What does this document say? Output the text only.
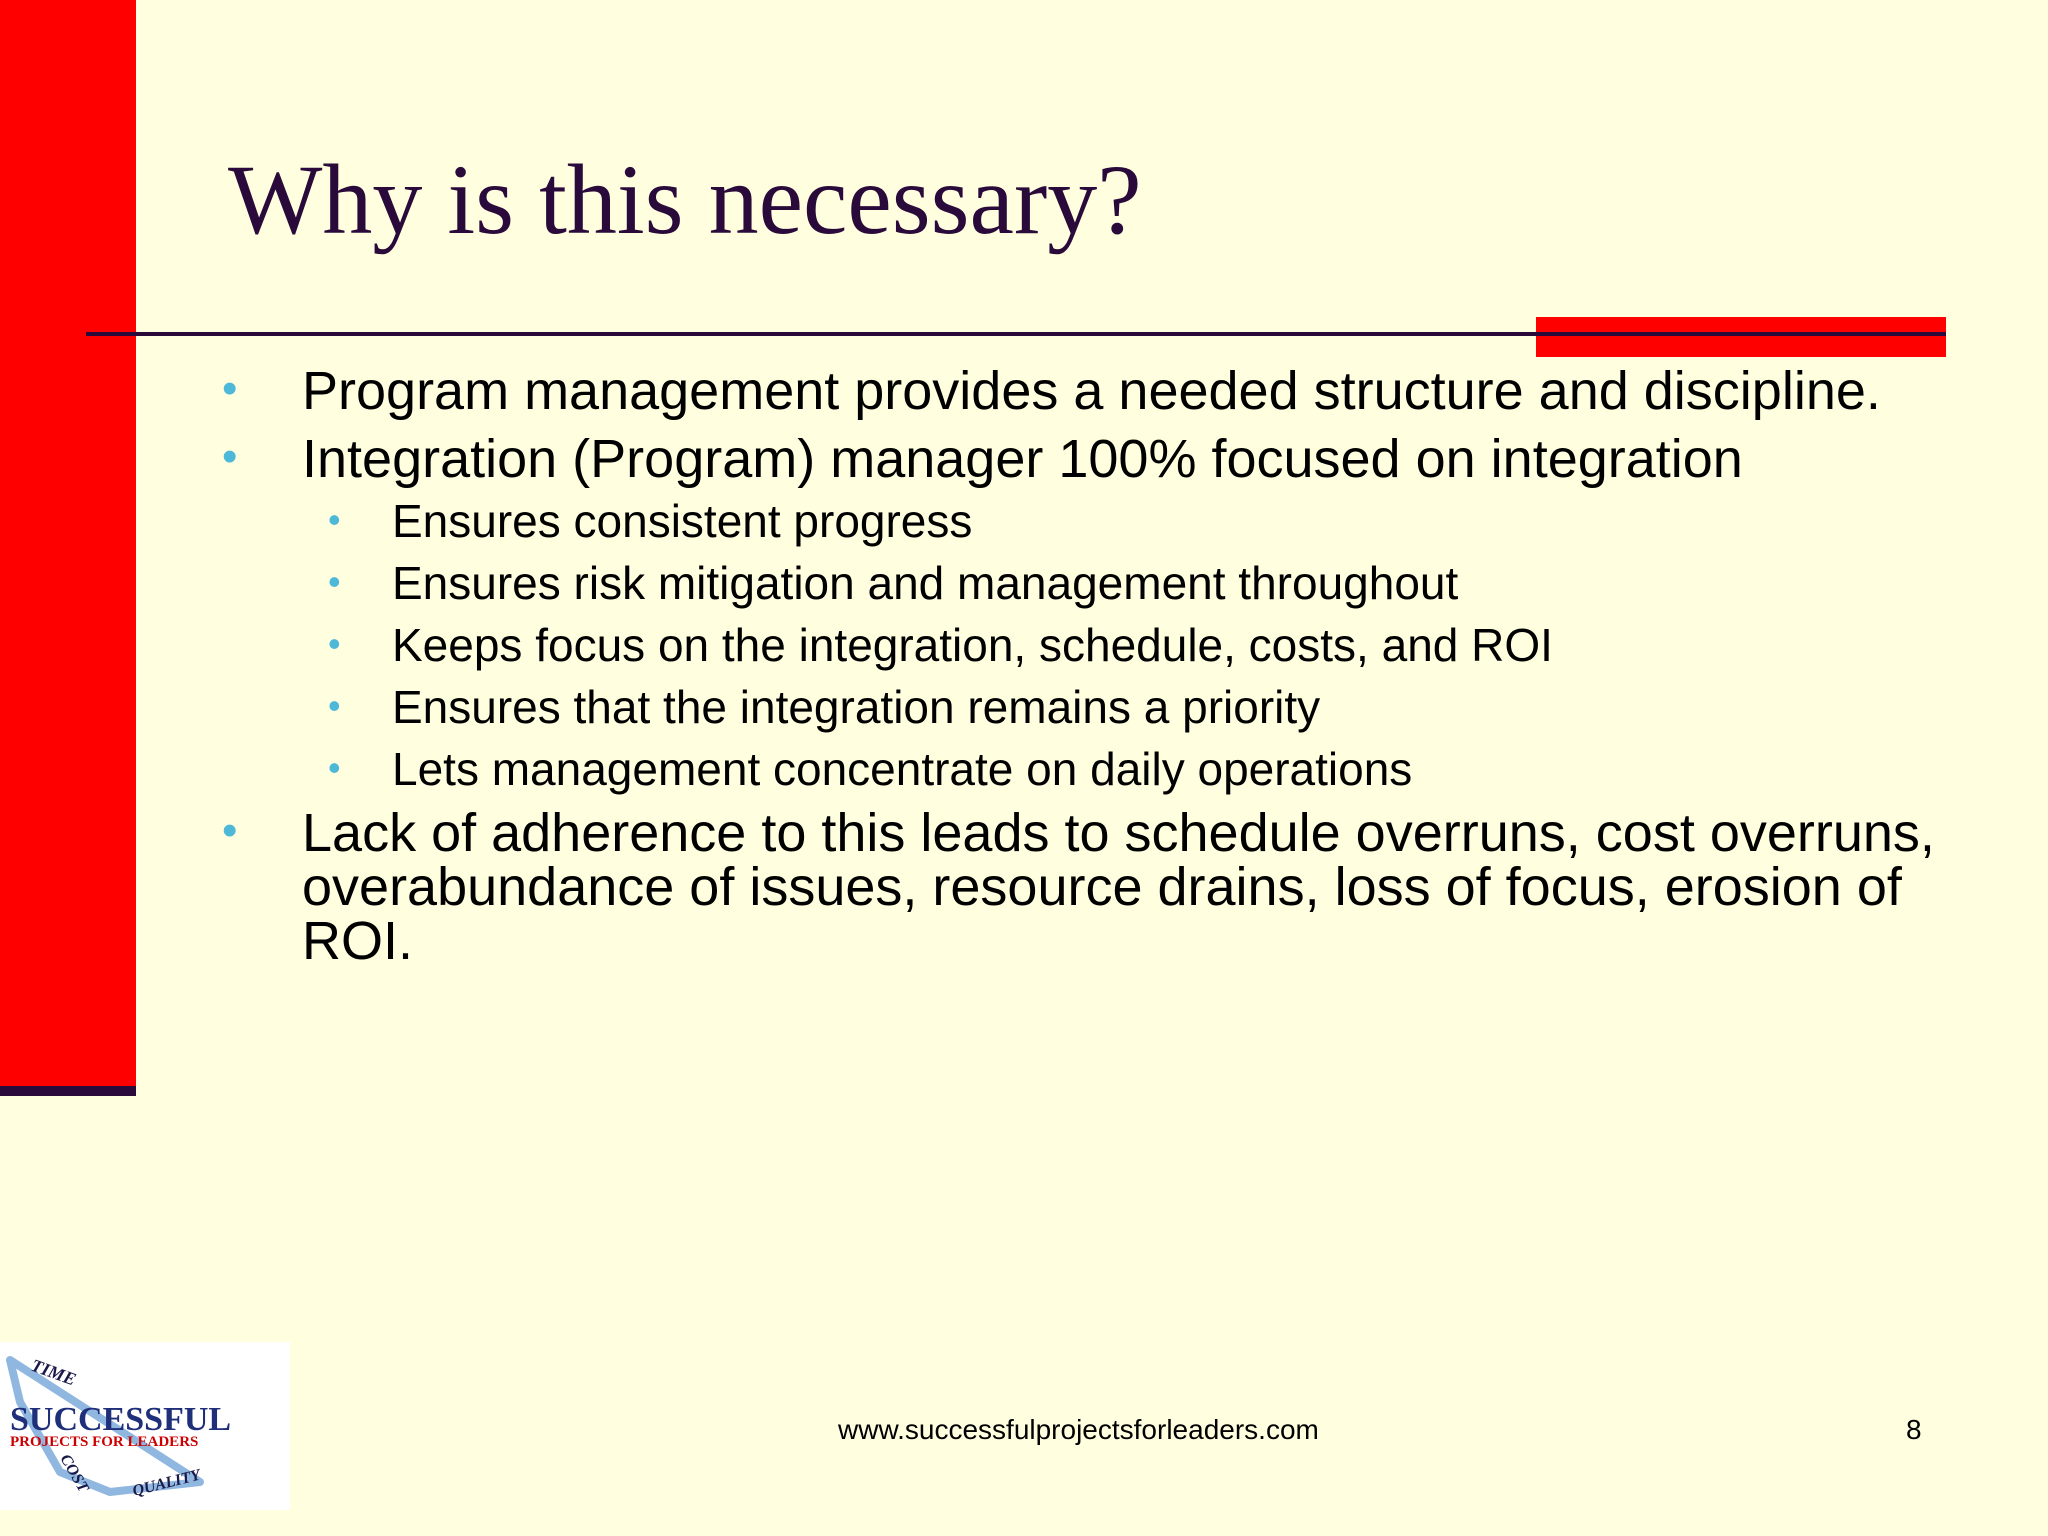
Why is this necessary?
• Program management provides a needed structure and discipline.
• Integration (Program) manager 100% focused on integration
• Ensures consistent progress
• Ensures risk mitigation and management throughout
• Keeps focus on the integration, schedule, costs, and ROI
• Ensures that the integration remains a priority
• Lets management concentrate on daily operations
• Lack of adherence to this leads to schedule overruns, cost overruns, overabundance of issues, resource drains, loss of focus, erosion of ROI.
TIME
SUCCESSFUL
PROJECTS FOR LEADERS
COST QUALITY
www.successfulprojectsforleaders.com	8
